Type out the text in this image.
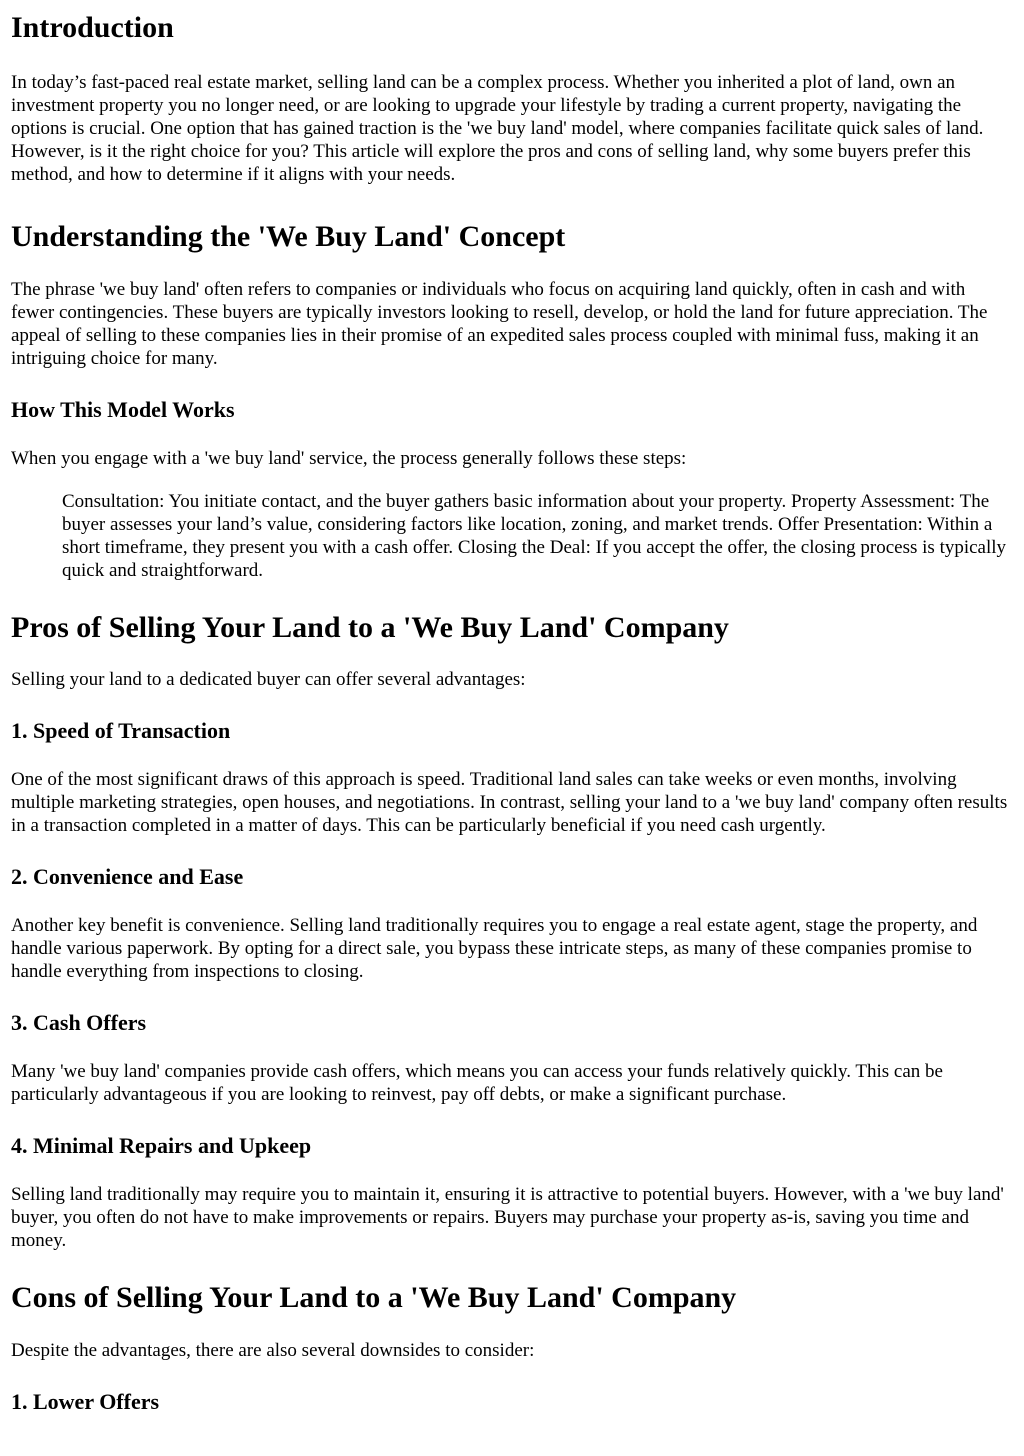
Introduction

In today’s fast-paced real estate market, selling land can be a complex process. Whether you inherited a plot of land, own an investment property you no longer need, or are looking to upgrade your lifestyle by trading a current property, navigating the options is crucial. One option that has gained traction is the 'we buy land' model, where companies facilitate quick sales of land. However, is it the right choice for you? This article will explore the pros and cons of selling land, why some buyers prefer this method, and how to determine if it aligns with your needs.

Understanding the 'We Buy Land' Concept

The phrase 'we buy land' often refers to companies or individuals who focus on acquiring land quickly, often in cash and with fewer contingencies. These buyers are typically investors looking to resell, develop, or hold the land for future appreciation. The appeal of selling to these companies lies in their promise of an expedited sales process coupled with minimal fuss, making it an intriguing choice for many.

How This Model Works

When you engage with a 'we buy land' service, the process generally follows these steps:

Consultation: You initiate contact, and the buyer gathers basic information about your property. Property Assessment: The buyer assesses your land’s value, considering factors like location, zoning, and market trends. Offer Presentation: Within a short timeframe, they present you with a cash offer. Closing the Deal: If you accept the offer, the closing process is typically quick and straightforward.

Pros of Selling Your Land to a 'We Buy Land' Company

Selling your land to a dedicated buyer can offer several advantages:

1. Speed of Transaction

One of the most significant draws of this approach is speed. Traditional land sales can take weeks or even months, involving multiple marketing strategies, open houses, and negotiations. In contrast, selling your land to a 'we buy land' company often results in a transaction completed in a matter of days. This can be particularly beneficial if you need cash urgently.

2. Convenience and Ease

Another key benefit is convenience. Selling land traditionally requires you to engage a real estate agent, stage the property, and handle various paperwork. By opting for a direct sale, you bypass these intricate steps, as many of these companies promise to handle everything from inspections to closing.

3. Cash Offers

Many 'we buy land' companies provide cash offers, which means you can access your funds relatively quickly. This can be particularly advantageous if you are looking to reinvest, pay off debts, or make a significant purchase.

4. Minimal Repairs and Upkeep

Selling land traditionally may require you to maintain it, ensuring it is attractive to potential buyers. However, with a 'we buy land' buyer, you often do not have to make improvements or repairs. Buyers may purchase your property as-is, saving you time and money.

Cons of Selling Your Land to a 'We Buy Land' Company

Despite the advantages, there are also several downsides to consider:

1. Lower Offers
